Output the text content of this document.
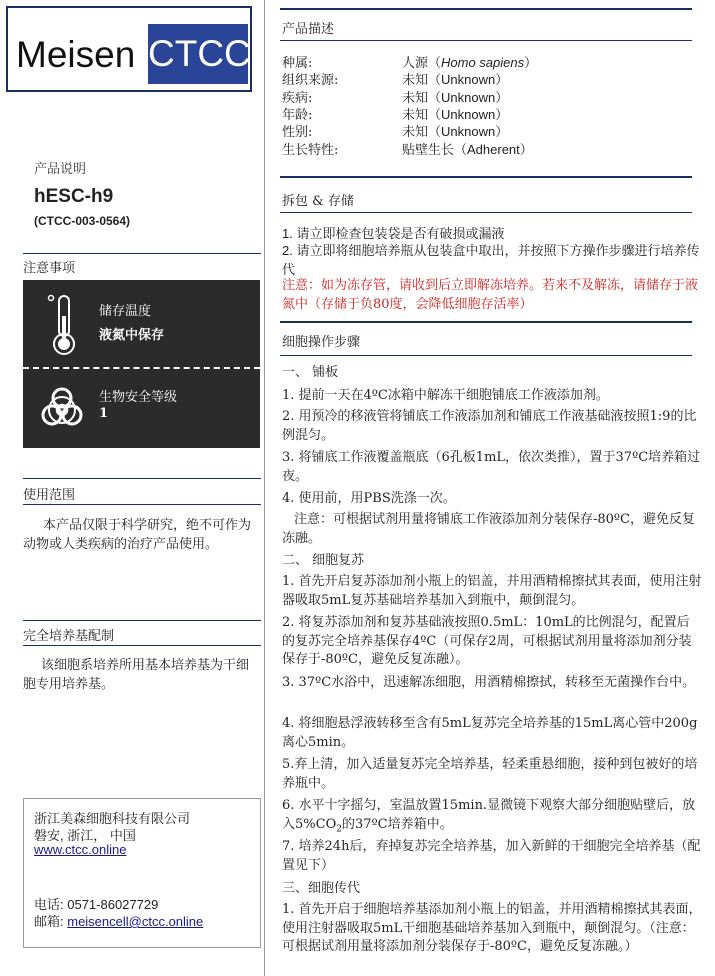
Meisen CTCC
产品说明
hESC-h9
(CTCC-003-0564)
注意事项
储存温度
液氮中保存
生物安全等级
1
使用范围
本产品仅限于科学研究，绝不可作为动物或人类疾病的治疗产品使用。
完全培养基配制
该细胞系培养所用基本培养基为干细胞专用培养基。
浙江美森细胞科技有限公司
磐安, 浙江， 中国
www.ctcc.online
电话: 0571-86027729
邮箱: meisencell@ctcc.online
产品描述
种属:	人源（Homo sapiens）
组织来源:	未知（Unknown）
疾病:	未知（Unknown）
年龄:	未知（Unknown）
性别:	未知（Unknown）
生长特性:	贴壁生长（Adherent）
拆包 & 存储
1. 请立即检查包装袋是否有破损或漏液
2. 请立即将细胞培养瓶从包装盒中取出，并按照下方操作步骤进行培养传代
注意：如为冻存管，请收到后立即解冻培养。若来不及解冻，请储存于液氮中（存储于负80度，会降低细胞存活率）
细胞操作步骤
一、 铺板
1. 提前一天在4ºC冰箱中解冻干细胞铺底工作液添加剂。
2. 用预冷的移液管将铺底工作液添加剂和铺底工作液基础液按照1:9的比例混匀。
3. 将铺底工作液覆盖瓶底（6孔板1mL，依次类推），置于37ºC培养箱过夜。
4. 使用前，用PBS洗涤一次。
注意：可根据试剂用量将铺底工作液添加剂分装保存-80ºC，避免反复冻融。
二、 细胞复苏
1. 首先开启复苏添加剂小瓶上的铝盖，并用酒精棉擦拭其表面，使用注射器吸取5mL复苏基础培养基加入到瓶中，颠倒混匀。
2. 将复苏添加剂和复苏基础液按照0.5mL：10mL的比例混匀，配置后的复苏完全培养基保存4ºC（可保存2周，可根据试剂用量将添加剂分装保存于-80ºC，避免反复冻融）。
3. 37ºC水浴中，迅速解冻细胞，用酒精棉擦拭，转移至无菌操作台中。
4. 将细胞悬浮液转移至含有5mL复苏完全培养基的15mL离心管中200g离心5min。
5.弃上清，加入适量复苏完全培养基，轻柔重悬细胞，接种到包被好的培养瓶中。
6. 水平十字摇匀，室温放置15min.显微镜下观察大部分细胞贴壁后，放入$5\%CO_2$的37ºC培养箱中。
7. 培养24h后，弃掉复苏完全培养基，加入新鲜的干细胞完全培养基（配置见下）
三、细胞传代
1. 首先开启于细胞培养基添加剂小瓶上的铝盖，并用酒精棉擦拭其表面，使用注射器吸取5mL干细胞基础培养基加入到瓶中，颠倒混匀。（注意：可根据试剂用量将添加剂分装保存于-80ºC，避免反复冻融。）
